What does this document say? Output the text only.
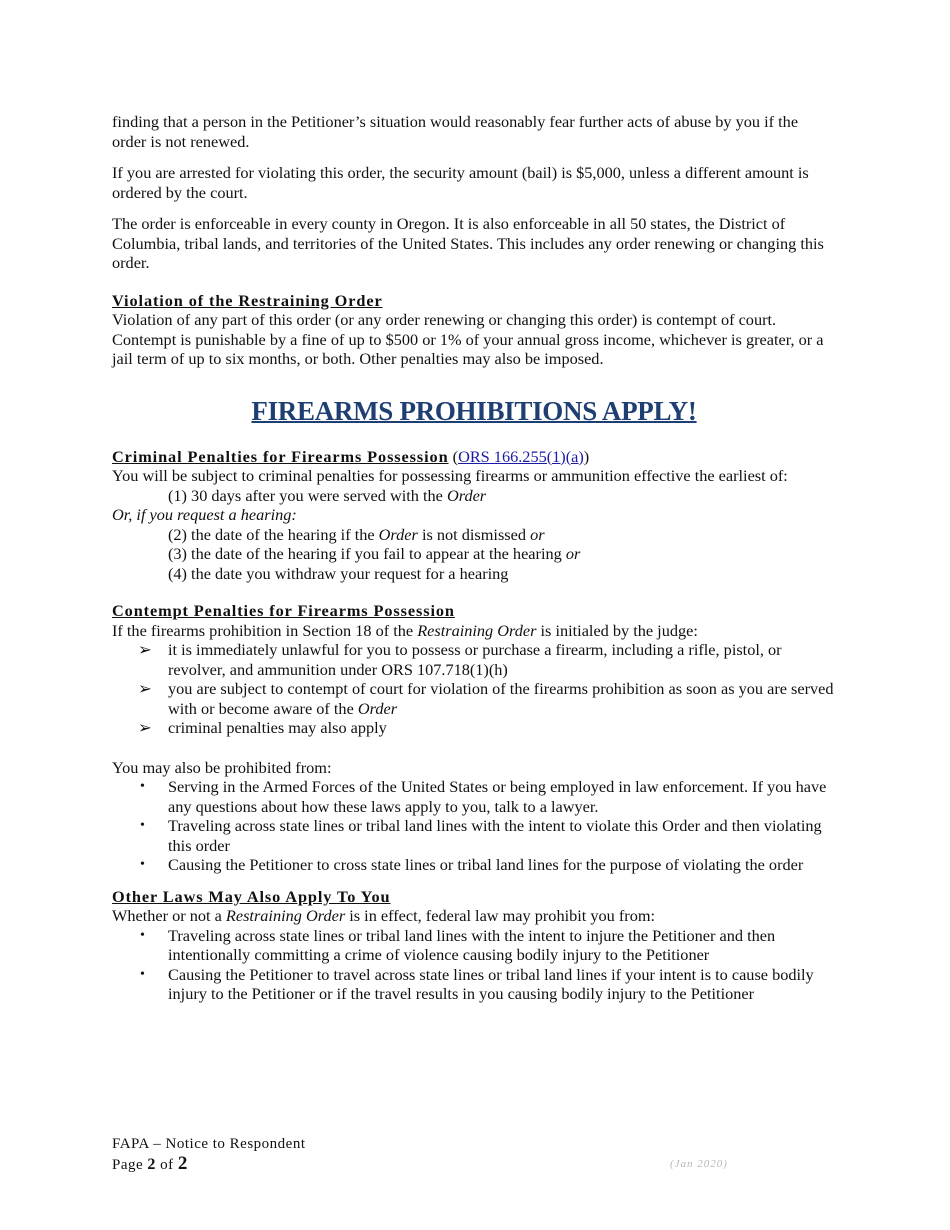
finding that a person in the Petitioner’s situation would reasonably fear further acts of abuse by you if the order is not renewed.

If you are arrested for violating this order, the security amount (bail) is $5,000, unless a different amount is ordered by the court.

The order is enforceable in every county in Oregon. It is also enforceable in all 50 states, the District of Columbia, tribal lands, and territories of the United States. This includes any order renewing or changing this order.

Violation of the Restraining Order

Violation of any part of this order (or any order renewing or changing this order) is contempt of court. Contempt is punishable by a fine of up to $500 or 1% of your annual gross income, whichever is greater, or a jail term of up to six months, or both. Other penalties may also be imposed.

FIREARMS PROHIBITIONS APPLY!

Criminal Penalties for Firearms Possession (ORS 166.255(1)(a))

You will be subject to criminal penalties for possessing firearms or ammunition effective the earliest of:

(1) 30 days after you were served with the Order

Or, if you request a hearing:

(2) the date of the hearing if the Order is not dismissed or

(3) the date of the hearing if you fail to appear at the hearing or

(4) the date you withdraw your request for a hearing

Contempt Penalties for Firearms Possession

If the firearms prohibition in Section 18 of the Restraining Order is initialed by the judge:

➢ it is immediately unlawful for you to possess or purchase a firearm, including a rifle, pistol, or revolver, and ammunition under ORS 107.718(1)(h)
➢ you are subject to contempt of court for violation of the firearms prohibition as soon as you are served with or become aware of the Order
➢ criminal penalties may also apply

You may also be prohibited from:

• Serving in the Armed Forces of the United States or being employed in law enforcement. If you have any questions about how these laws apply to you, talk to a lawyer.
• Traveling across state lines or tribal land lines with the intent to violate this Order and then violating this order
• Causing the Petitioner to cross state lines or tribal land lines for the purpose of violating the order

Other Laws May Also Apply To You

Whether or not a Restraining Order is in effect, federal law may prohibit you from:

• Traveling across state lines or tribal land lines with the intent to injure the Petitioner and then intentionally committing a crime of violence causing bodily injury to the Petitioner
• Causing the Petitioner to travel across state lines or tribal land lines if your intent is to cause bodily injury to the Petitioner or if the travel results in you causing bodily injury to the Petitioner

FAPA – Notice to Respondent

Page 2 of 2	(Jan 2020)
